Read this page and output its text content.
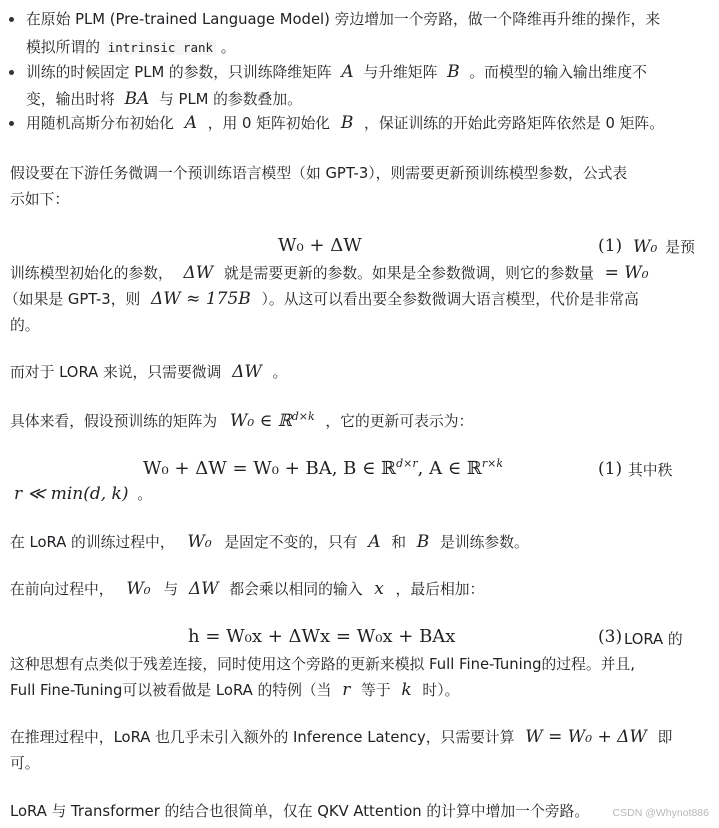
在原始 PLM (Pre-trained Language Model) 旁边增加一个旁路，做一个降维再升维的操作，来
模拟所谓的 intrinsic rank 。
训练的时候固定 PLM 的参数，只训练降维矩阵 A 与升维矩阵 B 。而模型的输入输出维度不
变，输出时将 BA 与 PLM 的参数叠加。
用随机高斯分布初始化 A ，用 0 矩阵初始化 B ，保证训练的开始此旁路矩阵依然是 0 矩阵。
假设要在下游任务微调一个预训练语言模型（如 GPT-3），则需要更新预训练模型参数，公式表
示如下：
W₀ + ΔW	(1) W₀ 是预
训练模型初始化的参数， ΔW 就是需要更新的参数。如果是全参数微调，则它的参数量 = W₀
（如果是 GPT-3，则 ΔW ≈ 175B ）。从这可以看出要全参数微调大语言模型，代价是非常高
的。
而对于 LORA 来说，只需要微调 ΔW 。
具体来看，假设预训练的矩阵为 W₀ ∈ ℝ$^{d\times k}$ ，它的更新可表示为：
W₀ + ΔW = W₀ + BA, B ∈ ℝ$^{d\times r}$, A ∈ ℝ$^{r\times k}$	(1) 其中秩
r ≪ min(d, k) 。
在 LoRA 的训练过程中， W₀ 是固定不变的，只有 A 和 B 是训练参数。
在前向过程中， W₀ 与 ΔW 都会乘以相同的输入 x ，最后相加：
h = W₀x + ΔWx = W₀x + BAx	(3) LORA 的
这种思想有点类似于残差连接，同时使用这个旁路的更新来模拟 Full Fine-Tuning的过程。并且,
Full Fine-Tuning可以被看做是 LoRA 的特例（当 r 等于 k 时）。
在推理过程中，LoRA 也几乎未引入额外的 Inference Latency，只需要计算 W = W₀ + ΔW 即
可。
LoRA 与 Transformer 的结合也很简单，仅在 QKV Attention 的计算中增加一个旁路。 CSDN @Whynot886
